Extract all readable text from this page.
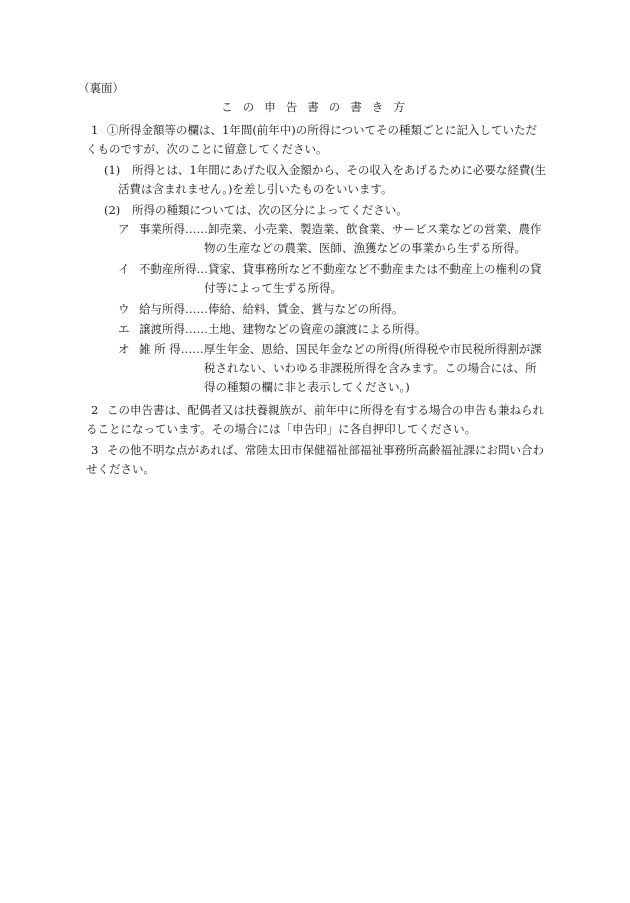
（裏面）
この申告書の書き方
1 ①所得金額等の欄は、1年間(前年中)の所得についてその種類ごとに記入していただ
くものですが、次のことに留意してください。
(1) 所得とは、1年間にあげた収入金額から、その収入をあげるために必要な経費(生
活費は含まれません。)を差し引いたものをいいます。
(2) 所得の種類については、次の区分によってください。
ア 事業所得……卸売業、小売業、製造業、飲食業、サービス業などの営業、農作
物の生産などの農業、医師、漁獲などの事業から生ずる所得。
イ 不動産所得…貸家、貸事務所など不動産など不動産または不動産上の権利の貸
付等によって生ずる所得。
ウ 給与所得……俸給、給料、賃金、賞与などの所得。
エ 譲渡所得……土地、建物などの資産の譲渡による所得。
オ 雑 所 得……厚生年金、恩給、国民年金などの所得(所得税や市民税所得割が課
税されない、いわゆる非課税所得を含みます。この場合には、所
得の種類の欄に非と表示してください。)
2 この申告書は、配偶者又は扶養親族が、前年中に所得を有する場合の申告も兼ねられ
ることになっています。その場合には「申告印」に各自押印してください。
3 その他不明な点があれば、常陸太田市保健福祉部福祉事務所高齢福祉課にお問い合わ
せください。
